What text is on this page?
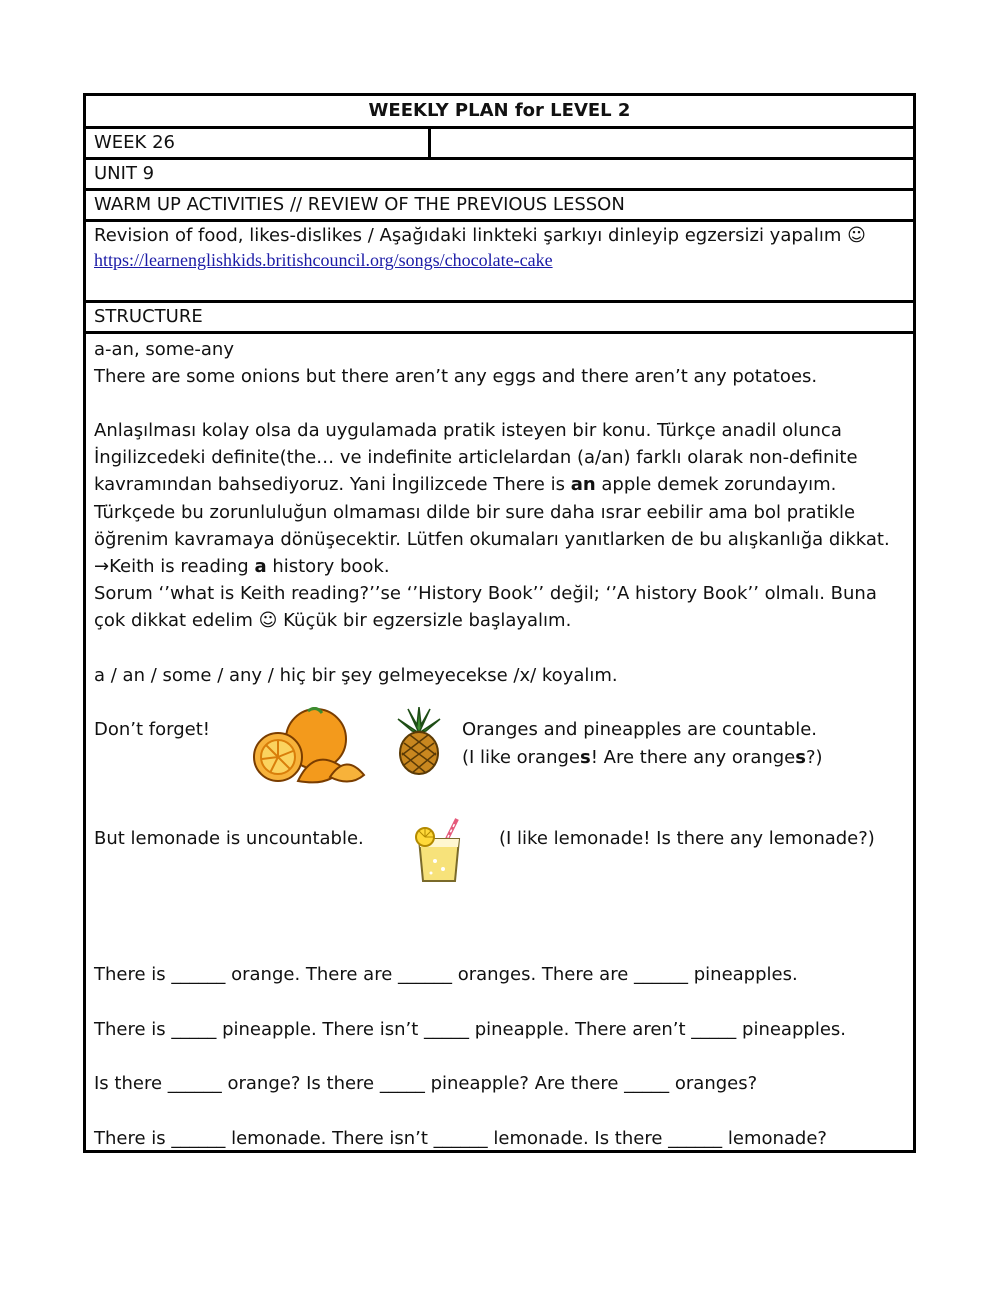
WEEKLY PLAN for LEVEL 2
WEEK 26
UNIT 9
WARM UP ACTIVITIES // REVIEW OF THE PREVIOUS LESSON
Revision of food, likes-dislikes / Aşağıdaki linkteki şarkıyı dinleyip egzersizi yapalım ☺
https://learnenglishkids.britishcouncil.org/songs/chocolate-cake
STRUCTURE
a-an, some-any
There are some onions but there aren’t any eggs and there aren’t any potatoes.
Anlaşılması kolay olsa da uygulamada pratik isteyen bir konu. Türkçe anadil olunca İngilizcedeki definite(the… ve indefinite articlelardan (a/an) farklı olarak non-definite kavramından bahsediyoruz. Yani İngilizcede There is an apple demek zorundayım. Türkçede bu zorunluluğun olmaması dilde bir sure daha ısrar eebilir ama bol pratikle öğrenim kavramaya dönüşecektir. Lütfen okumaları yanıtlarken de bu alışkanlığa dikkat.
→Keith is reading a history book.
Sorum ‘’what is Keith reading?’’se ‘’History Book’’ değil; ‘’A history Book’’ olmalı. Buna çok dikkat edelim ☺ Küçük bir egzersizle başlayalım.
a / an / some / any / hiç bir şey gelmeyecekse /x/ koyalım.
Don’t forget!	Oranges and pineapples are countable.
(I like oranges! Are there any oranges?)
But lemonade is uncountable.	(I like lemonade! Is there any lemonade?)
There is ______ orange. There are ______ oranges. There are ______ pineapples.
There is _____ pineapple. There isn’t _____ pineapple. There aren’t _____ pineapples.
Is there ______ orange? Is there _____ pineapple? Are there _____ oranges?
There is ______ lemonade. There isn’t ______ lemonade. Is there ______ lemonade?
